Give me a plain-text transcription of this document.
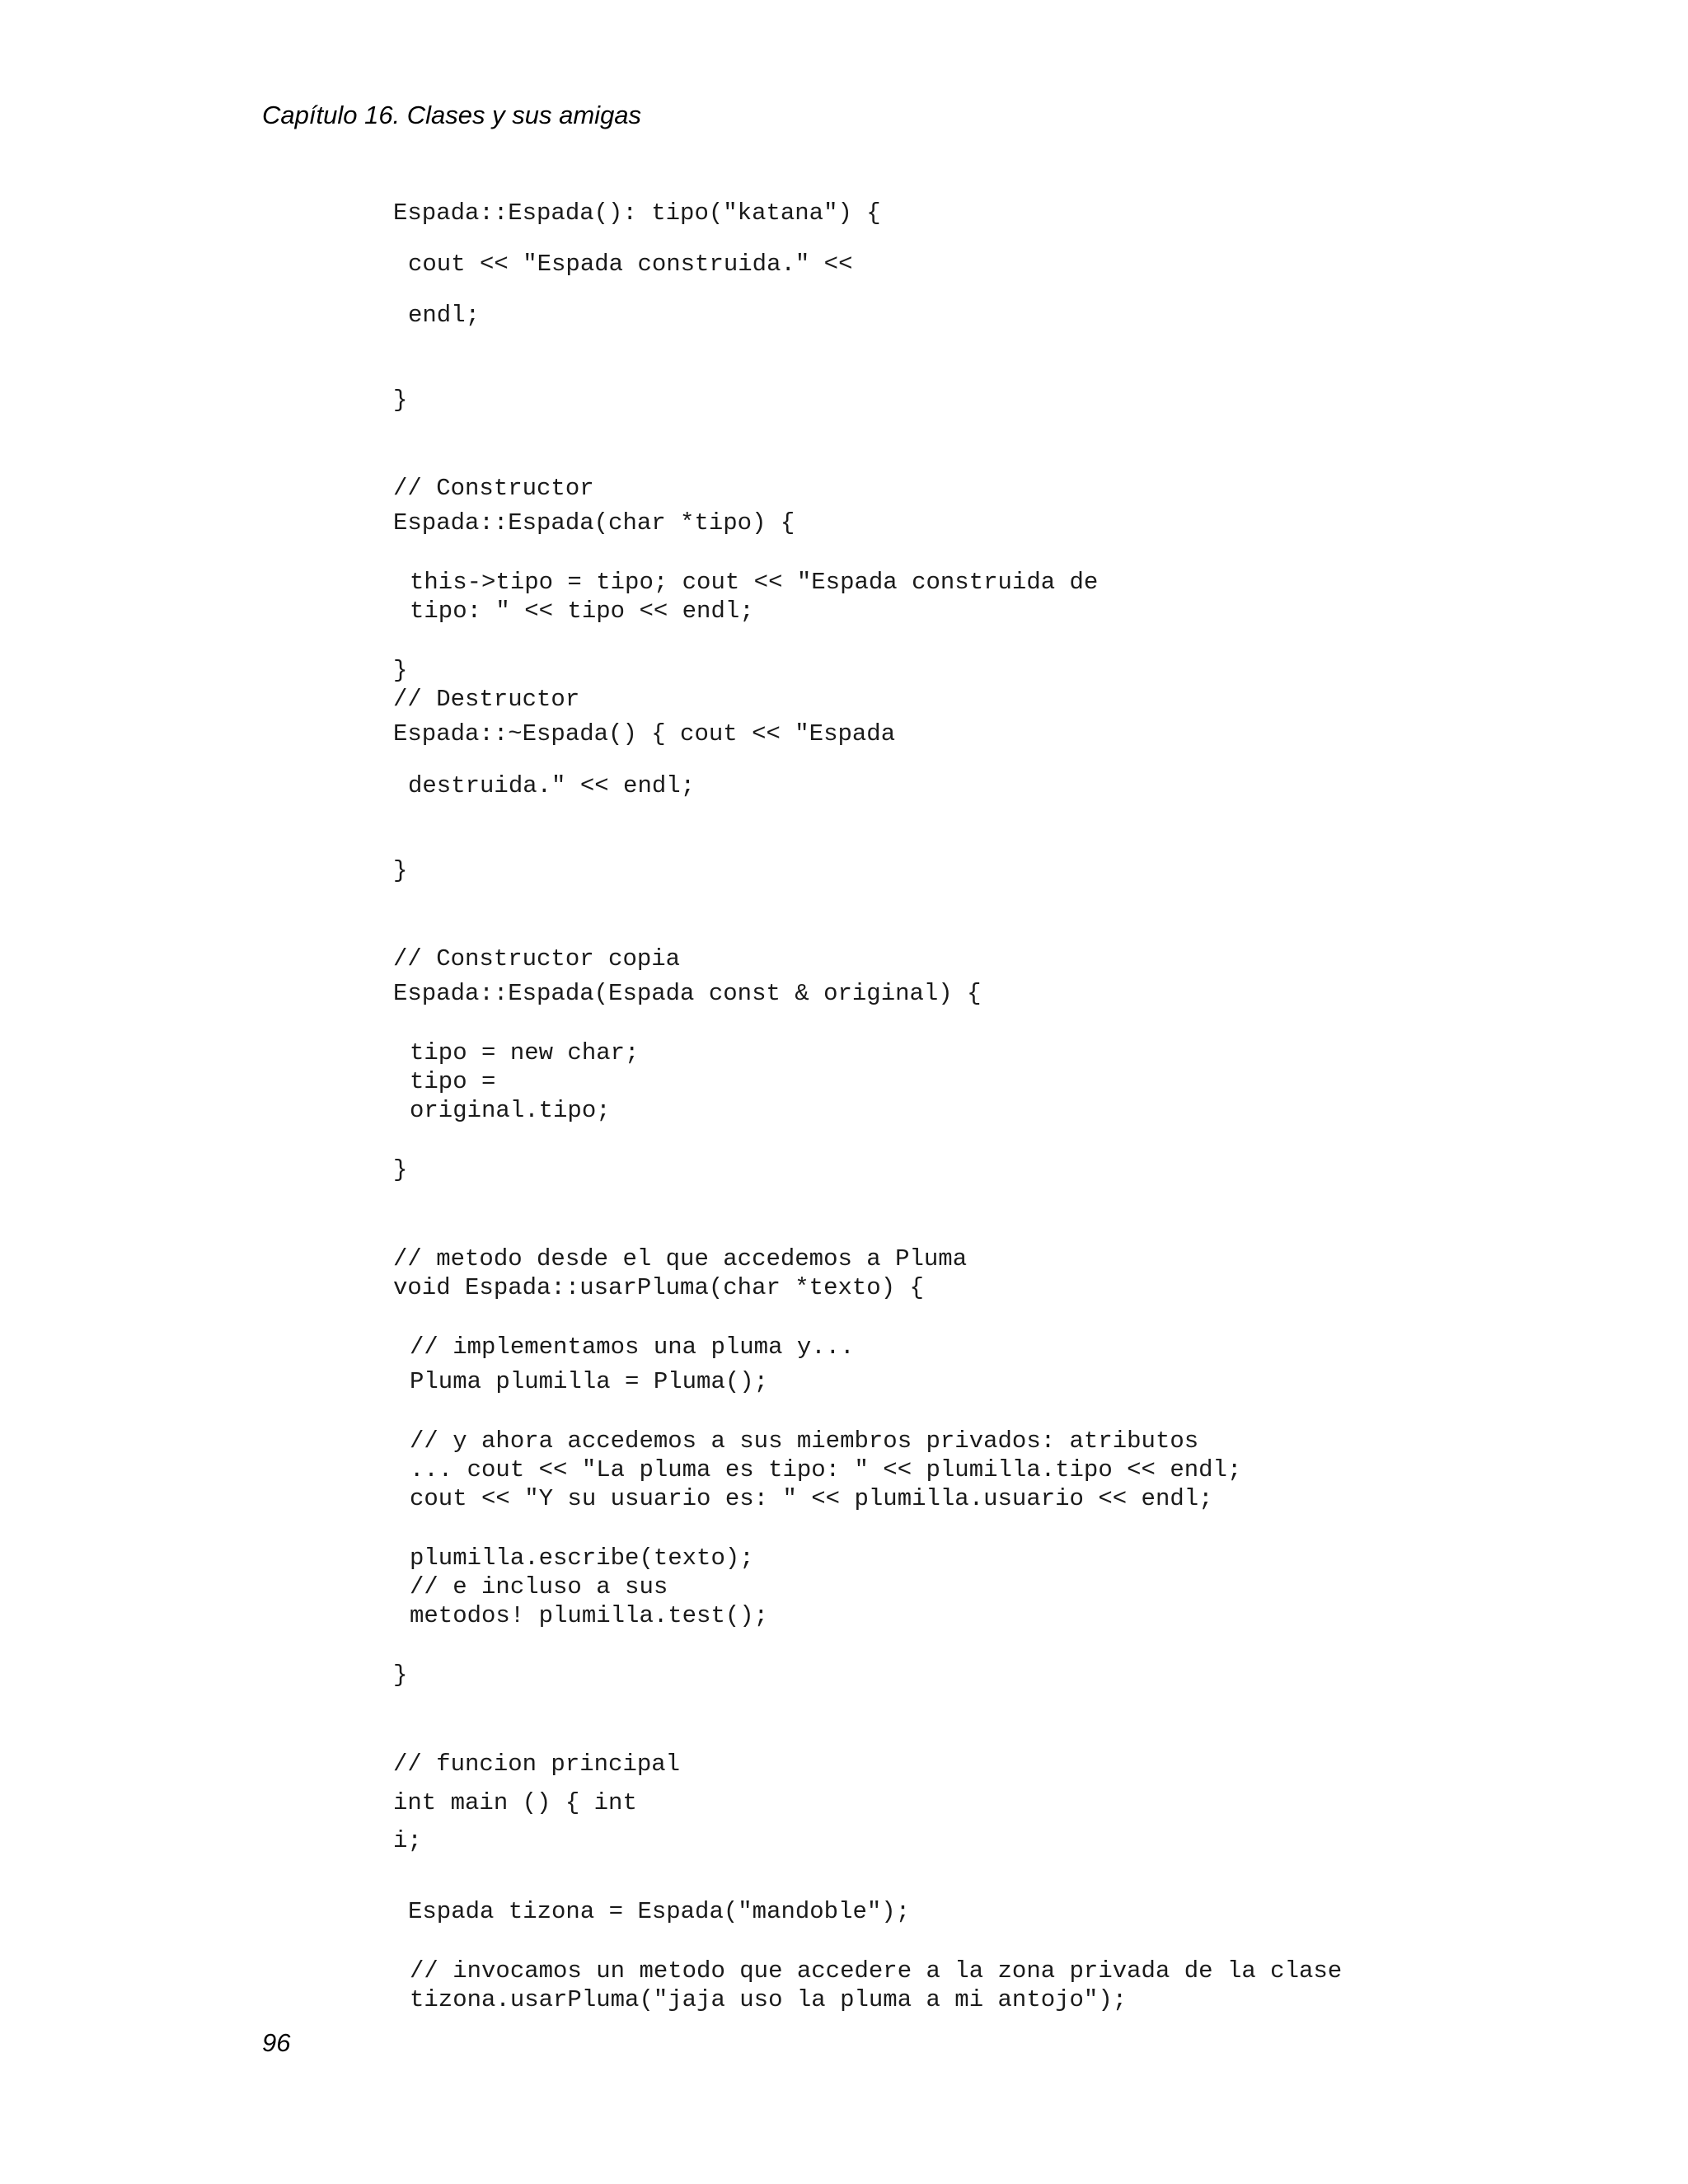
Capítulo 16. Clases y sus amigas
Espada::Espada(): tipo("katana") {
cout << "Espada construida." <<
endl;
}
// Constructor
Espada::Espada(char *tipo) {
this->tipo = tipo; cout << "Espada construida de
tipo: " << tipo << endl;
}
// Destructor
Espada::~Espada() { cout << "Espada
destruida." << endl;
}
// Constructor copia
Espada::Espada(Espada const & original) {
tipo = new char;
tipo =
original.tipo;
}
// metodo desde el que accedemos a Pluma
void Espada::usarPluma(char *texto) {
// implementamos una pluma y...
Pluma plumilla = Pluma();
// y ahora accedemos a sus miembros privados: atributos
... cout << "La pluma es tipo: " << plumilla.tipo << endl;
cout << "Y su usuario es: " << plumilla.usuario << endl;
plumilla.escribe(texto);
// e incluso a sus
metodos! plumilla.test();
}
// funcion principal
int main () { int
i;
Espada tizona = Espada("mandoble");
// invocamos un metodo que accedere a la zona privada de la clase
tizona.usarPluma("jaja uso la pluma a mi antojo");
96
